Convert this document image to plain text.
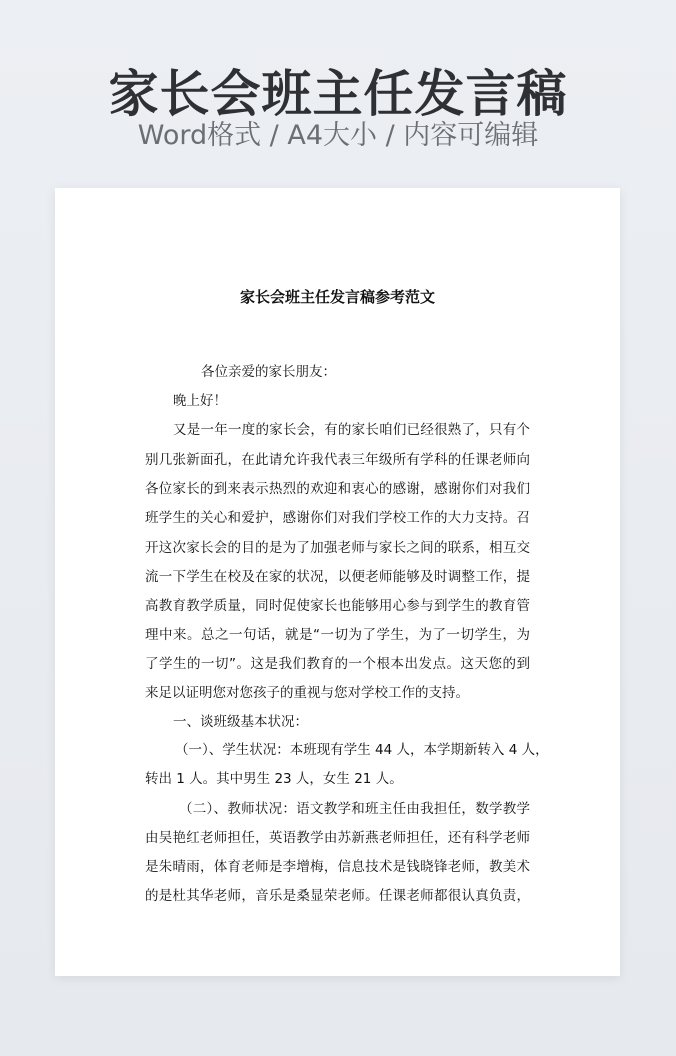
家长会班主任发言稿
Word格式 / A4大小 / 内容可编辑
家长会班主任发言稿参考范文
各位亲爱的家长朋友：
晚上好！
又是一年一度的家长会，有的家长咱们已经很熟了，只有个
别几张新面孔，在此请允许我代表三年级所有学科的任课老师向
各位家长的到来表示热烈的欢迎和衷心的感谢，感谢你们对我们
班学生的关心和爱护，感谢你们对我们学校工作的大力支持。召
开这次家长会的目的是为了加强老师与家长之间的联系，相互交
流一下学生在校及在家的状况，以便老师能够及时调整工作，提
高教育教学质量，同时促使家长也能够用心参与到学生的教育管
理中来。总之一句话，就是“一切为了学生，为了一切学生，为
了学生的一切”。这是我们教育的一个根本出发点。这天您的到
来足以证明您对您孩子的重视与您对学校工作的支持。
一、谈班级基本状况：
（一）、学生状况：本班现有学生 44 人，本学期新转入 4 人，
转出 1 人。其中男生 23 人，女生 21 人。
（二）、教师状况：语文教学和班主任由我担任，数学教学
由吴艳红老师担任，英语教学由苏新燕老师担任，还有科学老师
是朱晴雨，体育老师是李增梅，信息技术是钱晓锋老师，教美术
的是杜其华老师，音乐是桑显荣老师。任课老师都很认真负责，
